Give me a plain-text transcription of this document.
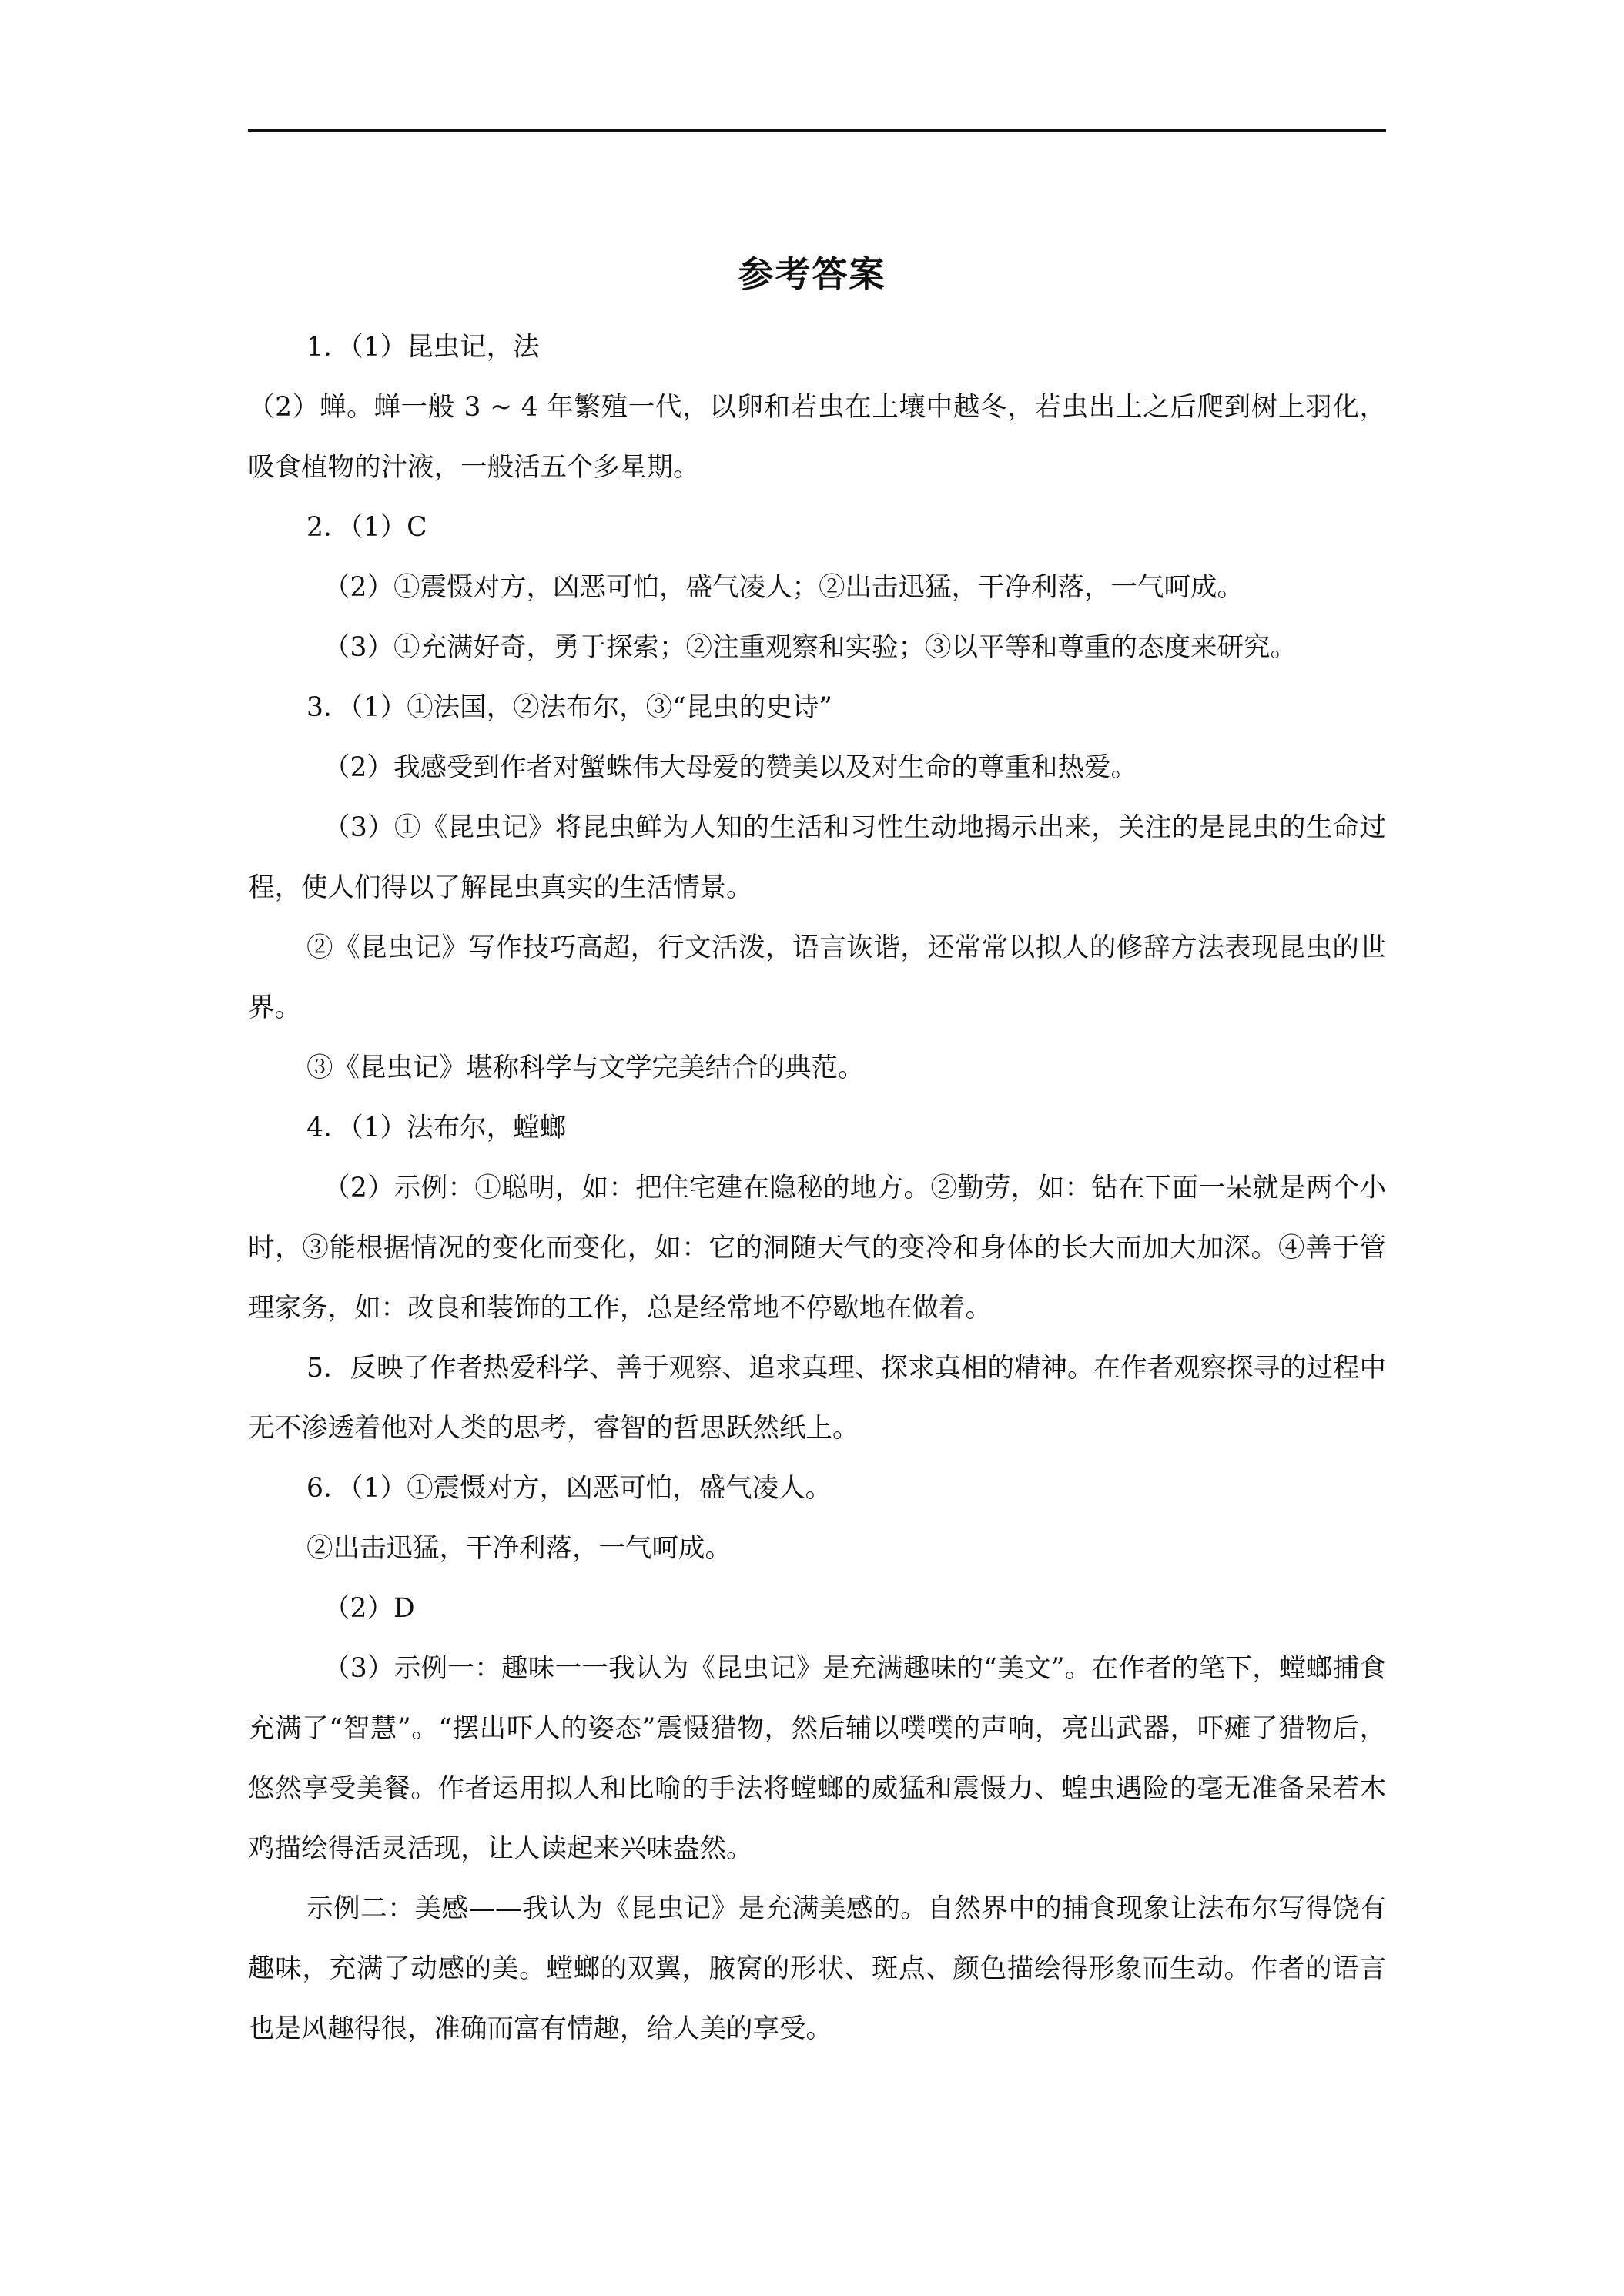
参考答案

1．（1）昆虫记，法

（2）蝉。蝉一般 3 ~ 4 年繁殖一代，以卵和若虫在土壤中越冬，若虫出土之后爬到树上羽化，吸食植物的汁液，一般活五个多星期。

2．（1）C

（2）①震慑对方，凶恶可怕，盛气凌人；②出击迅猛，干净利落，一气呵成。

（3）①充满好奇，勇于探索；②注重观察和实验；③以平等和尊重的态度来研究。

3．（1）①法国，②法布尔，③“昆虫的史诗”

（2）我感受到作者对蟹蛛伟大母爱的赞美以及对生命的尊重和热爱。

（3）①《昆虫记》将昆虫鲜为人知的生活和习性生动地揭示出来，关注的是昆虫的生命过程，使人们得以了解昆虫真实的生活情景。

②《昆虫记》写作技巧高超，行文活泼，语言诙谐，还常常以拟人的修辞方法表现昆虫的世界。

③《昆虫记》堪称科学与文学完美结合的典范。

4．（1）法布尔，螳螂

（2）示例：①聪明，如：把住宅建在隐秘的地方。②勤劳，如：钻在下面一呆就是两个小时，③能根据情况的变化而变化，如：它的洞随天气的变冷和身体的长大而加大加深。④善于管理家务，如：改良和装饰的工作，总是经常地不停歇地在做着。

5．反映了作者热爱科学、善于观察、追求真理、探求真相的精神。在作者观察探寻的过程中无不渗透着他对人类的思考，睿智的哲思跃然纸上。

6．（1）①震慑对方，凶恶可怕，盛气凌人。

②出击迅猛，干净利落，一气呵成。

（2）D

（3）示例一：趣味一一我认为《昆虫记》是充满趣味的“美文”。在作者的笔下，螳螂捕食充满了“智慧”。“摆出吓人的姿态”震慑猎物，然后辅以噗噗的声响，亮出武器，吓瘫了猎物后，悠然享受美餐。作者运用拟人和比喻的手法将螳螂的威猛和震慑力、蝗虫遇险的毫无准备呆若木鸡描绘得活灵活现，让人读起来兴味盎然。

示例二：美感——我认为《昆虫记》是充满美感的。自然界中的捕食现象让法布尔写得饶有趣味，充满了动感的美。螳螂的双翼，腋窝的形状、斑点、颜色描绘得形象而生动。作者的语言也是风趣得很，准确而富有情趣，给人美的享受。
